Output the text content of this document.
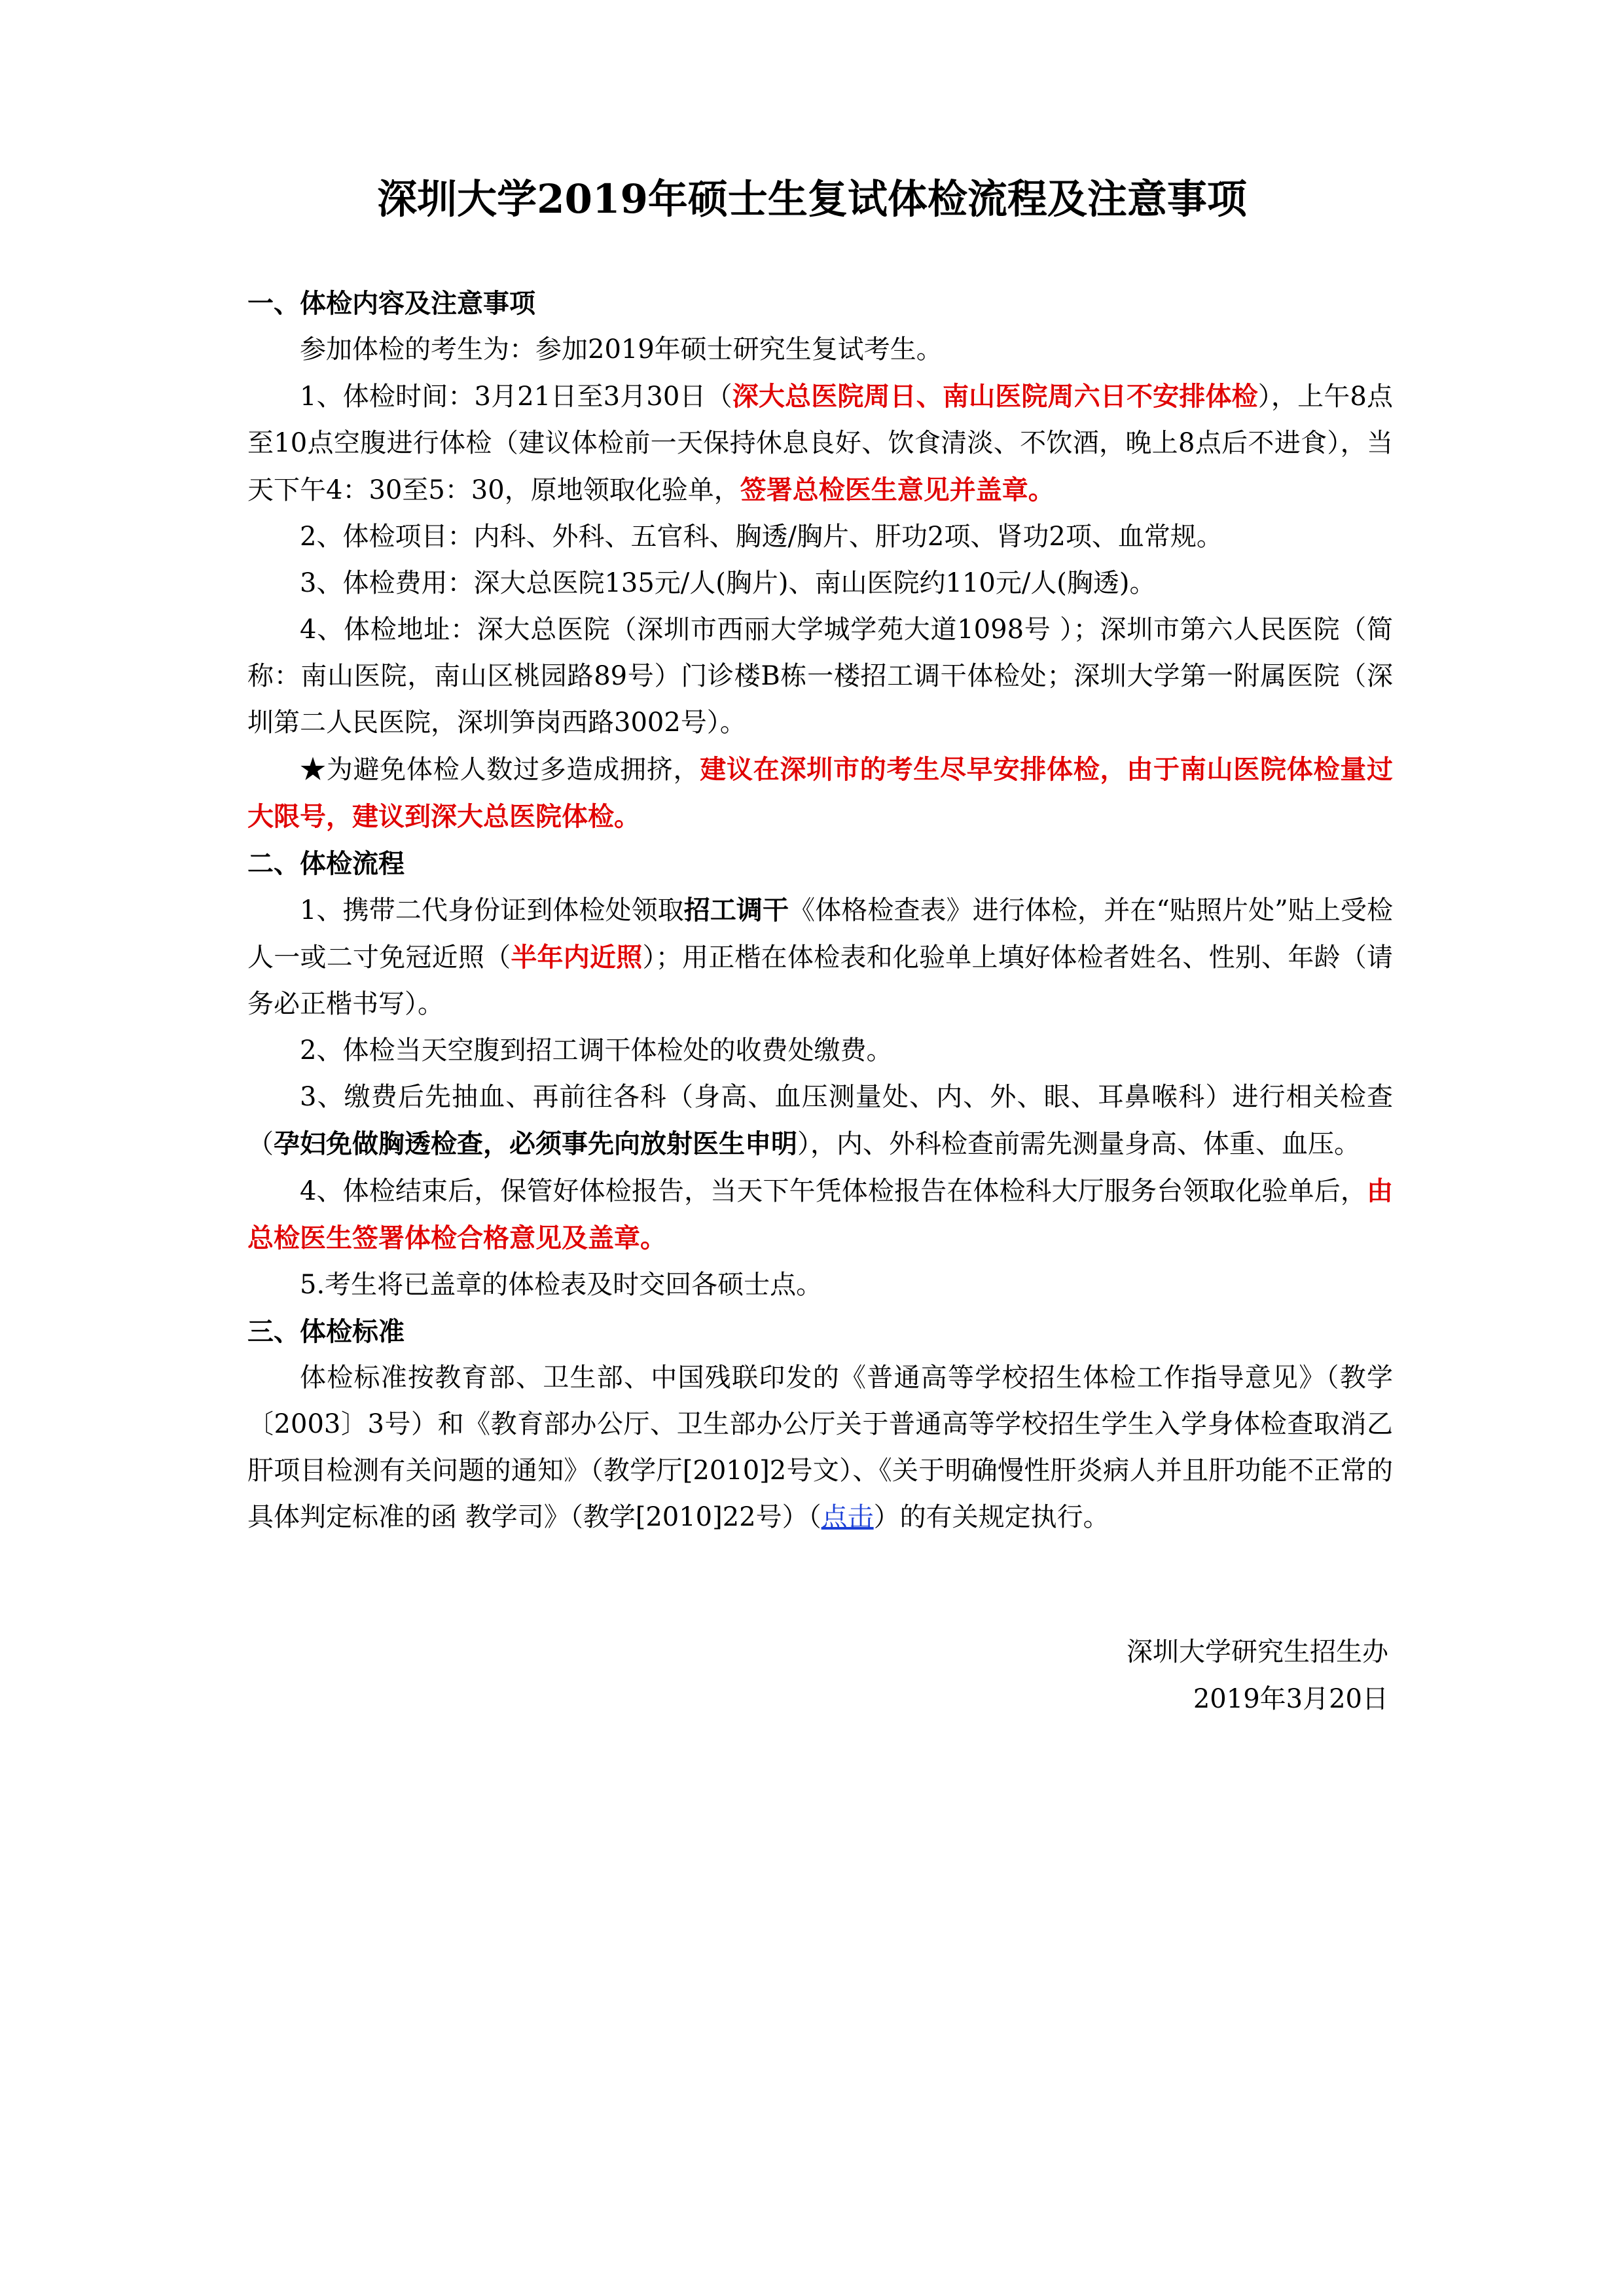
深圳大学2019年硕士生复试体检流程及注意事项

一、体检内容及注意事项

参加体检的考生为：参加2019年硕士研究生复试考生。

1、体检时间：3月21日至3月30日（深大总医院周日、南山医院周六日不安排体检），上午8点至10点空腹进行体检（建议体检前一天保持休息良好、饮食清淡、不饮酒，晚上8点后不进食），当天下午4：30至5：30，原地领取化验单，签署总检医生意见并盖章。

2、体检项目：内科、外科、五官科、胸透/胸片、肝功2项、肾功2项、血常规。

3、体检费用：深大总医院135元/人(胸片)、南山医院约110元/人(胸透)。

4、体检地址：深大总医院（深圳市西丽大学城学苑大道1098号 ）；深圳市第六人民医院（简称：南山医院，南山区桃园路89号）门诊楼B栋一楼招工调干体检处；深圳大学第一附属医院（深圳第二人民医院，深圳笋岗西路3002号）。

★为避免体检人数过多造成拥挤，建议在深圳市的考生尽早安排体检，由于南山医院体检量过大限号，建议到深大总医院体检。

二、体检流程

1、携带二代身份证到体检处领取招工调干《体格检查表》进行体检，并在“贴照片处”贴上受检人一或二寸免冠近照（半年内近照）；用正楷在体检表和化验单上填好体检者姓名、性别、年龄（请务必正楷书写）。

2、体检当天空腹到招工调干体检处的收费处缴费。

3、缴费后先抽血、再前往各科（身高、血压测量处、内、外、眼、耳鼻喉科）进行相关检查（孕妇免做胸透检查，必须事先向放射医生申明），内、外科检查前需先测量身高、体重、血压。

4、体检结束后，保管好体检报告，当天下午凭体检报告在体检科大厅服务台领取化验单后，由总检医生签署体检合格意见及盖章。

5.考生将已盖章的体检表及时交回各硕士点。

三、体检标准

体检标准按教育部、卫生部、中国残联印发的《普通高等学校招生体检工作指导意见》（教学〔2003〕3号）和《教育部办公厅、卫生部办公厅关于普通高等学校招生学生入学身体检查取消乙肝项目检测有关问题的通知》（教学厅[2010]2号文）、《关于明确慢性肝炎病人并且肝功能不正常的具体判定标准的函 教学司》（教学[2010]22号）（点击）的有关规定执行。

深圳大学研究生招生办
2019年3月20日
